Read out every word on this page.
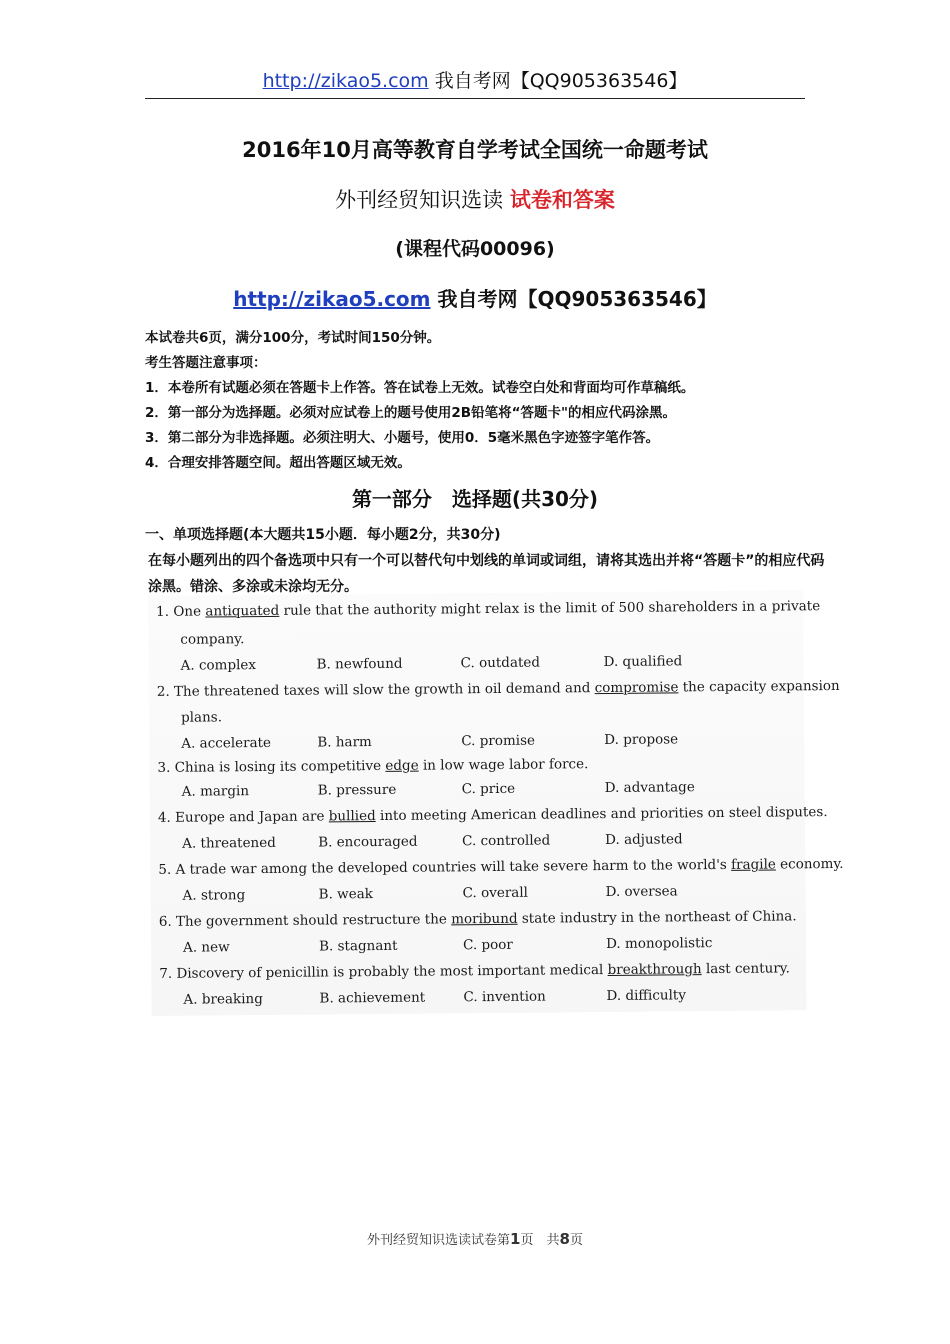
http://zikao5.com 我自考网【QQ905363546】
2016年10月高等教育自学考试全国统一命题考试
外刊经贸知识选读 试卷和答案
(课程代码00096)
http://zikao5.com 我自考网【QQ905363546】
本试卷共6页，满分100分，考试时间150分钟。
考生答题注意事项：
1．本卷所有试题必须在答题卡上作答。答在试卷上无效。试卷空白处和背面均可作草稿纸。
2．第一部分为选择题。必须对应试卷上的题号使用2B铅笔将“答题卡"的相应代码涂黑。
3．第二部分为非选择题。必须注明大、小题号，使用0．5毫米黑色字迹签字笔作答。
4．合理安排答题空间。超出答题区域无效。
第一部分　选择题(共30分)
一、单项选择题(本大题共15小题．每小题2分，共30分)
在每小题列出的四个备选项中只有一个可以替代句中划线的单词或词组，请将其选出并将“答题卡”的相应代码涂黑。错涂、多涂或未涂均无分。
1. One antiquated rule that the authority might relax is the limit of 500 shareholders in a private
company.
A. complex	B. newfound	C. outdated	D. qualified
2. The threatened taxes will slow the growth in oil demand and compromise the capacity expansion
plans.
A. accelerate	B. harm	C. promise	D. propose
3. China is losing its competitive edge in low wage labor force.
A. margin	B. pressure	C. price	D. advantage
4. Europe and Japan are bullied into meeting American deadlines and priorities on steel disputes.
A. threatened	B. encouraged	C. controlled	D. adjusted
5. A trade war among the developed countries will take severe harm to the world's fragile economy.
A. strong	B. weak	C. overall	D. oversea
6. The government should restructure the moribund state industry in the northeast of China.
A. new	B. stagnant	C. poor	D. monopolistic
7. Discovery of penicillin is probably the most important medical breakthrough last century.
A. breaking	B. achievement	C. invention	D. difficulty
外刊经贸知识选读试卷第1页　共8页
